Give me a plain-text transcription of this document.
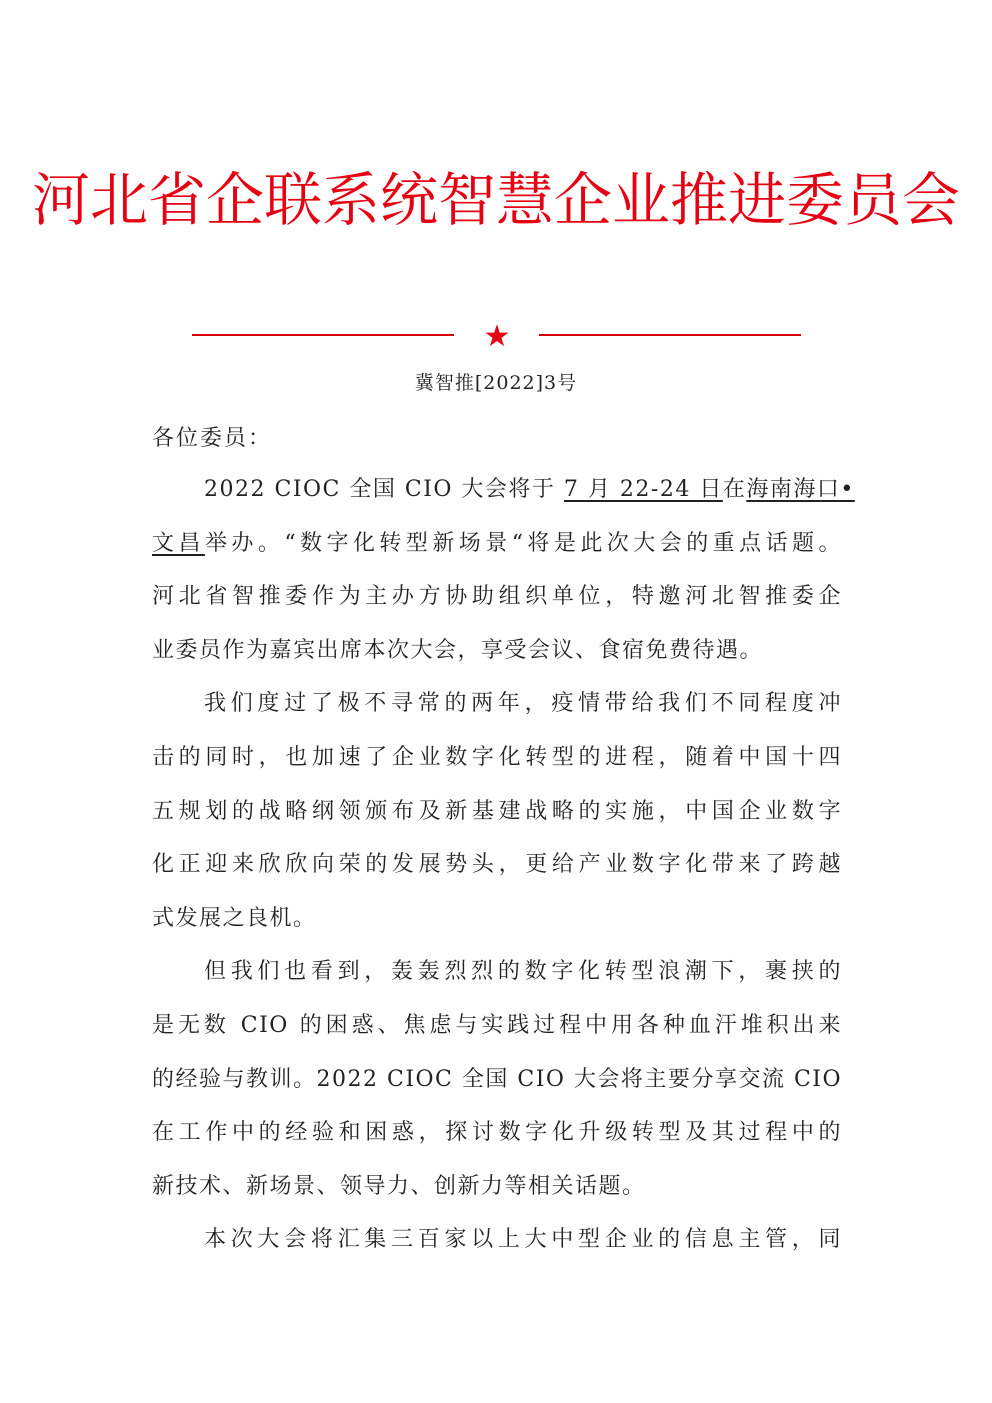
河北省企联系统智慧企业推进委员会
★
冀智推[2022]3号
各位委员：
2022 CIOC 全国 CIO 大会将于 7 月 22-24 日在海南海口•
文昌举办。“数字化转型新场景“将是此次大会的重点话题。
河北省智推委作为主办方协助组织单位，特邀河北智推委企
业委员作为嘉宾出席本次大会，享受会议、食宿免费待遇。
我们度过了极不寻常的两年，疫情带给我们不同程度冲
击的同时，也加速了企业数字化转型的进程，随着中国十四
五规划的战略纲领颁布及新基建战略的实施，中国企业数字
化正迎来欣欣向荣的发展势头，更给产业数字化带来了跨越
式发展之良机。
但我们也看到，轰轰烈烈的数字化转型浪潮下，裹挟的
是无数 CIO 的困惑、焦虑与实践过程中用各种血汗堆积出来
的经验与教训。2022 CIOC 全国 CIO 大会将主要分享交流 CIO
在工作中的经验和困惑，探讨数字化升级转型及其过程中的
新技术、新场景、领导力、创新力等相关话题。
本次大会将汇集三百家以上大中型企业的信息主管，同
